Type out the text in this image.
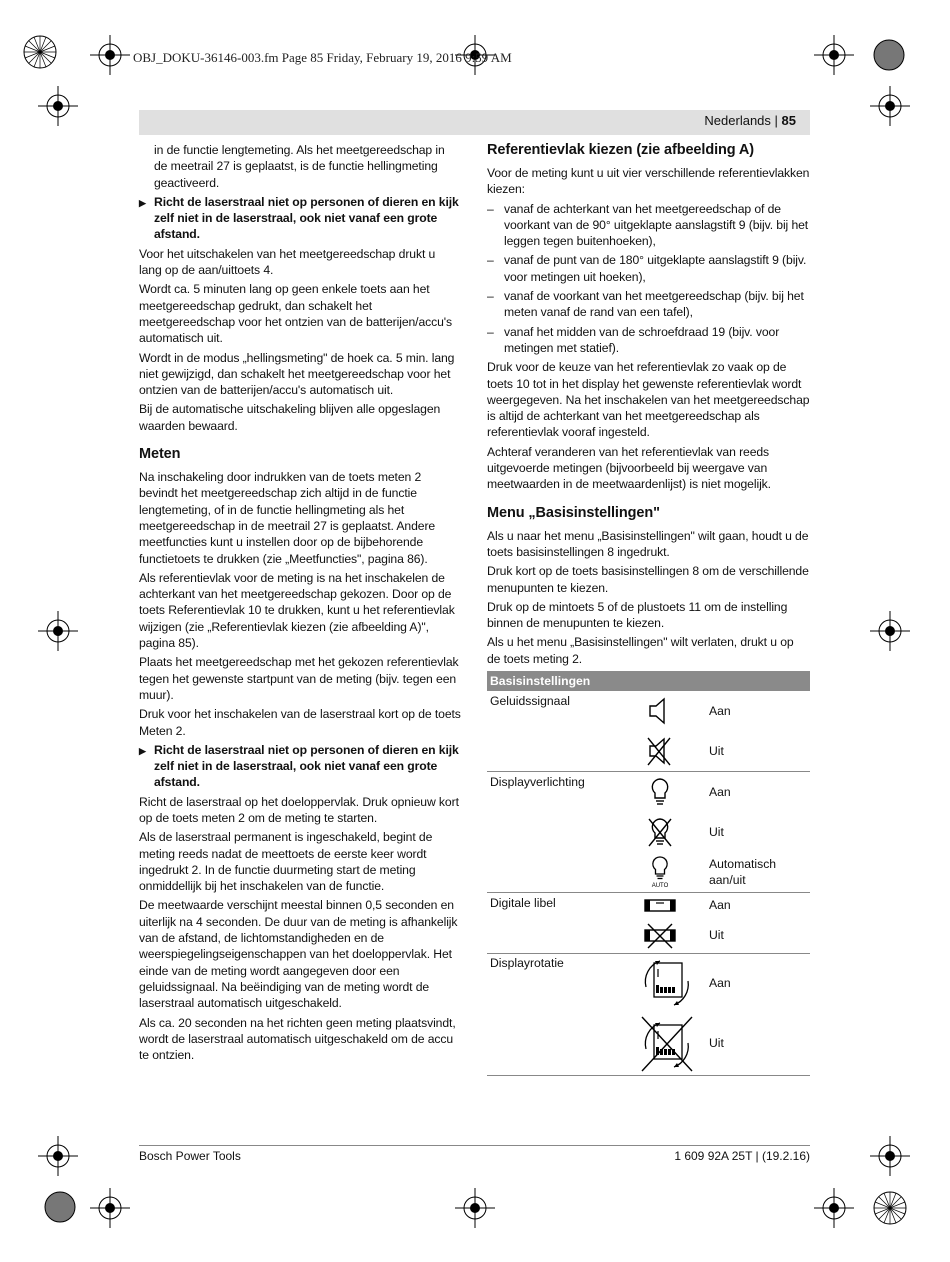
OBJ_DOKU-36146-003.fm Page 85 Friday, February 19, 2016 9:59 AM
Nederlands | 85

in de functie lengtemeting. Als het meetgereedschap in de meetrail 27 is geplaatst, is de functie hellingmeting geactiveerd.

▶ Richt de laserstraal niet op personen of dieren en kijk zelf niet in de laserstraal, ook niet vanaf een grote afstand.

Voor het uitschakelen van het meetgereedschap drukt u lang op de aan/uittoets 4.

Wordt ca. 5 minuten lang op geen enkele toets aan het meetgereedschap gedrukt, dan schakelt het meetgereedschap voor het ontzien van de batterijen/accu's automatisch uit.

Wordt in de modus „hellingsmeting" de hoek ca. 5 min. lang niet gewijzigd, dan schakelt het meetgereedschap voor het ontzien van de batterijen/accu's automatisch uit.

Bij de automatische uitschakeling blijven alle opgeslagen waarden bewaard.

Meten

Na inschakeling door indrukken van de toets meten 2 bevindt het meetgereedschap zich altijd in de functie lengtemeting, of in de functie hellingmeting als het meetgereedschap in de meetrail 27 is geplaatst. Andere meetfuncties kunt u instellen door op de bijbehorende functietoets te drukken (zie „Meetfuncties", pagina 86).

Als referentievlak voor de meting is na het inschakelen de achterkant van het meetgereedschap gekozen. Door op de toets Referentievlak 10 te drukken, kunt u het referentievlak wijzigen (zie „Referentievlak kiezen (zie afbeelding A)", pagina 85).

Plaats het meetgereedschap met het gekozen referentievlak tegen het gewenste startpunt van de meting (bijv. tegen een muur).

Druk voor het inschakelen van de laserstraal kort op de toets Meten 2.

▶ Richt de laserstraal niet op personen of dieren en kijk zelf niet in de laserstraal, ook niet vanaf een grote afstand.

Richt de laserstraal op het doeloppervlak. Druk opnieuw kort op de toets meten 2 om de meting te starten.

Als de laserstraal permanent is ingeschakeld, begint de meting reeds nadat de meettoets de eerste keer wordt ingedrukt 2. In de functie duurmeting start de meting onmiddellijk bij het inschakelen van de functie.

De meetwaarde verschijnt meestal binnen 0,5 seconden en uiterlijk na 4 seconden. De duur van de meting is afhankelijk van de afstand, de lichtomstandigheden en de weerspiegelingseigenschappen van het doeloppervlak. Het einde van de meting wordt aangegeven door een geluidssignaal. Na beëindiging van de meting wordt de laserstraal automatisch uitgeschakeld.

Als ca. 20 seconden na het richten geen meting plaatsvindt, wordt de laserstraal automatisch uitgeschakeld om de accu te ontzien.

Referentievlak kiezen (zie afbeelding A)

Voor de meting kunt u uit vier verschillende referentievlakken kiezen:

– vanaf de achterkant van het meetgereedschap of de voorkant van de 90° uitgeklapte aanslagstift 9 (bijv. bij het leggen tegen buitenhoeken),

– vanaf de punt van de 180° uitgeklapte aanslagstift 9 (bijv. voor metingen uit hoeken),

– vanaf de voorkant van het meetgereedschap (bijv. bij het meten vanaf de rand van een tafel),

– vanaf het midden van de schroefdraad 19 (bijv. voor metingen met statief).

Druk voor de keuze van het referentievlak zo vaak op de toets 10 tot in het display het gewenste referentievlak wordt weergegeven. Na het inschakelen van het meetgereedschap is altijd de achterkant van het meetgereedschap als referentievlak vooraf ingesteld.

Achteraf veranderen van het referentievlak van reeds uitgevoerde metingen (bijvoorbeeld bij weergave van meetwaarden in de meetwaardenlijst) is niet mogelijk.

Menu „Basisinstellingen"

Als u naar het menu „Basisinstellingen" wilt gaan, houdt u de toets basisinstellingen 8 ingedrukt.

Druk kort op de toets basisinstellingen 8 om de verschillende menupunten te kiezen.

Druk op de mintoets 5 of de plustoets 11 om de instelling binnen de menupunten te kiezen.

Als u het menu „Basisinstellingen" wilt verlaten, drukt u op de toets meting 2.

Basisinstellingen
Geluidssignaal
Aan
Uit
Displayverlichting
Aan
Uit
AUTO
Automatisch aan/uit
Digitale libel	Aan
Uit
Displayrotatie
Aan
Uit
Bosch Power Tools	1 609 92A 25T | (19.2.16)
